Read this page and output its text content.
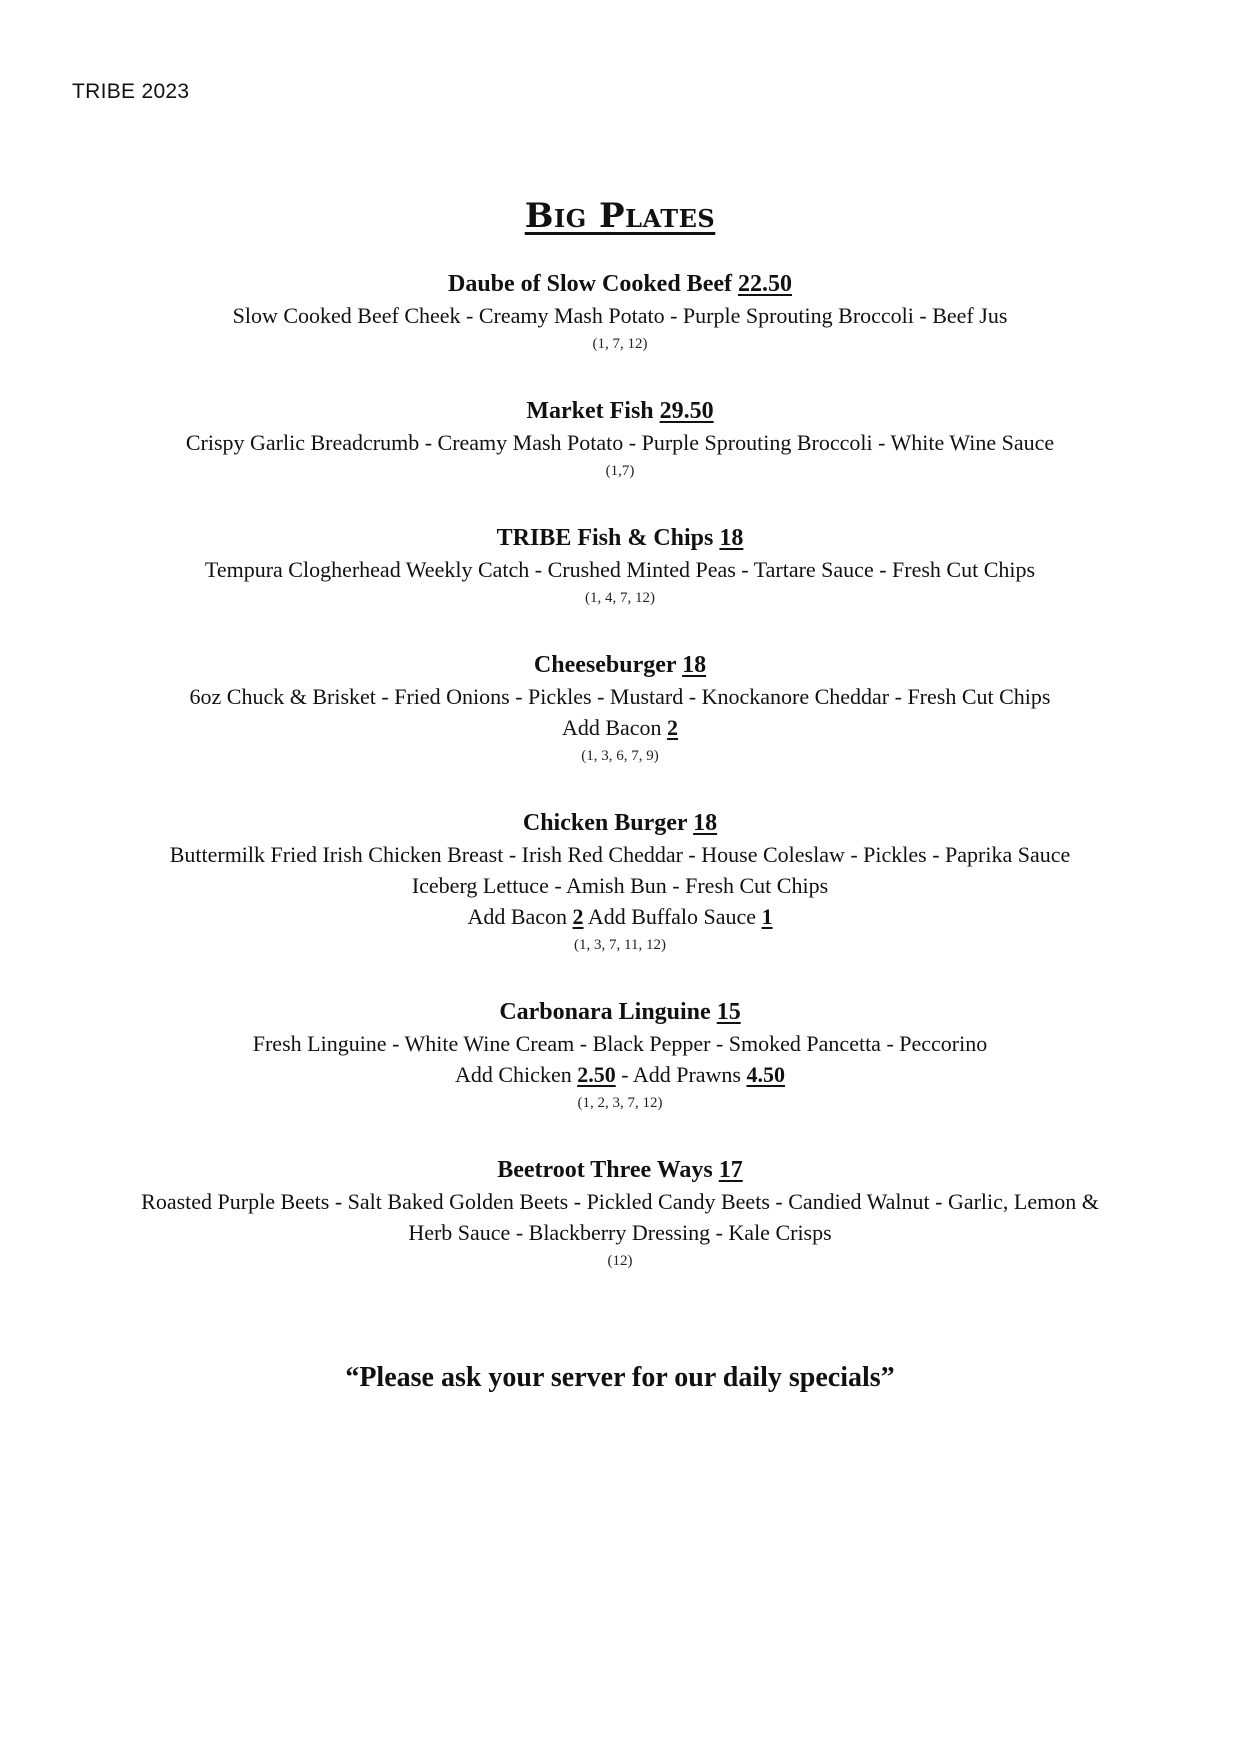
TRIBE 2023
Big Plates
Daube of Slow Cooked Beef 22.50
Slow Cooked Beef Cheek - Creamy Mash Potato - Purple Sprouting Broccoli - Beef Jus
(1, 7, 12)
Market Fish 29.50
Crispy Garlic Breadcrumb - Creamy Mash Potato - Purple Sprouting Broccoli - White Wine Sauce
(1,7)
TRIBE Fish & Chips 18
Tempura Clogherhead Weekly Catch - Crushed Minted Peas - Tartare Sauce - Fresh Cut Chips
(1, 4, 7, 12)
Cheeseburger 18
6oz Chuck & Brisket - Fried Onions - Pickles - Mustard - Knockanore Cheddar - Fresh Cut Chips
Add Bacon 2
(1, 3, 6, 7, 9)
Chicken Burger 18
Buttermilk Fried Irish Chicken Breast - Irish Red Cheddar - House Coleslaw - Pickles - Paprika Sauce
Iceberg Lettuce - Amish Bun - Fresh Cut Chips
Add Bacon 2 Add Buffalo Sauce 1
(1, 3, 7, 11, 12)
Carbonara Linguine 15
Fresh Linguine - White Wine Cream - Black Pepper - Smoked Pancetta - Peccorino
Add Chicken 2.50 - Add Prawns 4.50
(1, 2, 3, 7, 12)
Beetroot Three Ways 17
Roasted Purple Beets - Salt Baked Golden Beets - Pickled Candy Beets - Candied Walnut - Garlic, Lemon &
Herb Sauce - Blackberry Dressing - Kale Crisps
(12)
“Please ask your server for our daily specials”
